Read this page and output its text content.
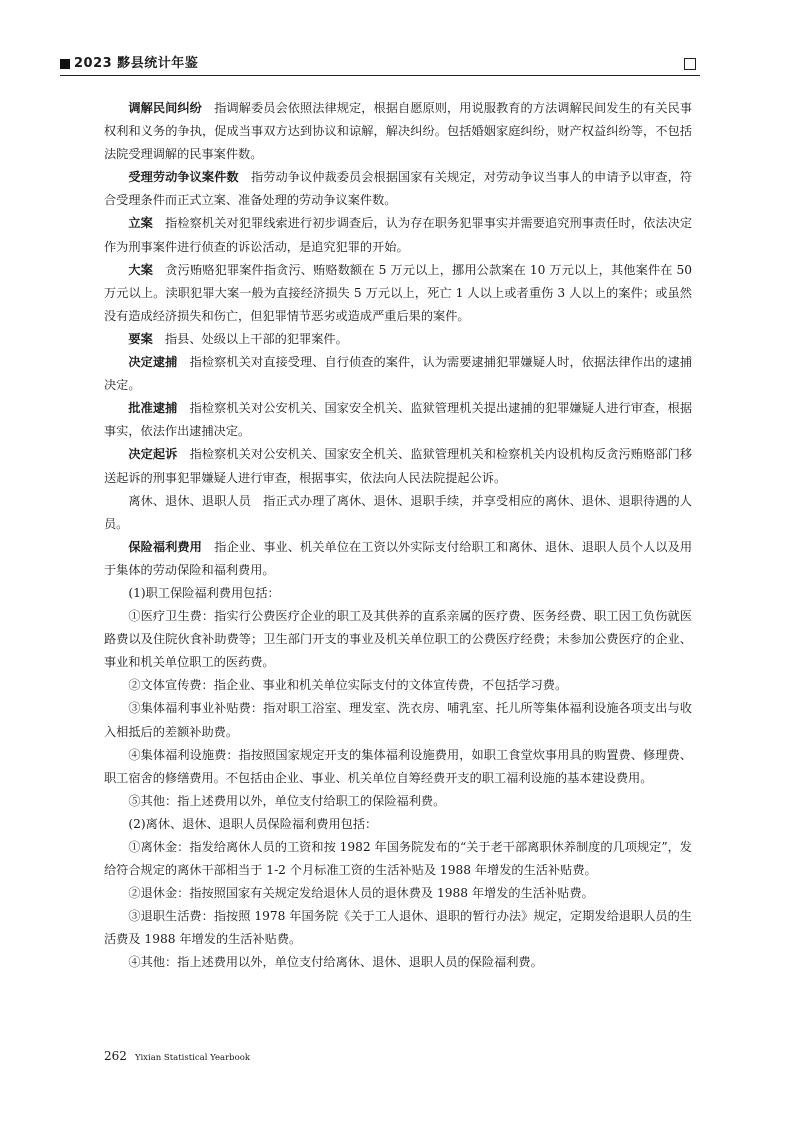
2023 黟县统计年鉴

调解民间纠纷　 指调解委员会依照法律规定，根据自愿原则，用说服教育的方法调解民间发生的有关民事权利和义务的争执，促成当事双方达到协议和谅解，解决纠纷。包括婚姻家庭纠纷，财产权益纠纷等，不包括法院受理调解的民事案件数。

受理劳动争议案件数　 指劳动争议仲裁委员会根据国家有关规定，对劳动争议当事人的申请予以审查，符合受理条件而正式立案、准备处理的劳动争议案件数。

立案　 指检察机关对犯罪线索进行初步调查后，认为存在职务犯罪事实并需要追究刑事责任时，依法决定作为刑事案件进行侦查的诉讼活动，是追究犯罪的开始。

大案　 贪污贿赂犯罪案件指贪污、贿赂数额在 5 万元以上，挪用公款案在 10 万元以上，其他案件在 50 万元以上。渎职犯罪大案一般为直接经济损失 5 万元以上，死亡 1 人以上或者重伤 3 人以上的案件；或虽然没有造成经济损失和伤亡，但犯罪情节恶劣或造成严重后果的案件。

要案　 指县、处级以上干部的犯罪案件。

决定逮捕　 指检察机关对直接受理、自行侦查的案件，认为需要逮捕犯罪嫌疑人时，依据法律作出的逮捕决定。

批准逮捕　 指检察机关对公安机关、国家安全机关、监狱管理机关提出逮捕的犯罪嫌疑人进行审查，根据事实，依法作出逮捕决定。

决定起诉　 指检察机关对公安机关、国家安全机关、监狱管理机关和检察机关内设机构反贪污贿赂部门移送起诉的刑事犯罪嫌疑人进行审查，根据事实，依法向人民法院提起公诉。

离休、退休、退职人员　指正式办理了离休、退休、退职手续，并享受相应的离休、退休、退职待遇的人员。

保险福利费用　 指企业、事业、机关单位在工资以外实际支付给职工和离休、退休、退职人员个人以及用于集体的劳动保险和福利费用。

(1)职工保险福利费用包括：

①医疗卫生费：指实行公费医疗企业的职工及其供养的直系亲属的医疗费、医务经费、职工因工负伤就医路费以及住院伙食补助费等；卫生部门开支的事业及机关单位职工的公费医疗经费；未参加公费医疗的企业、事业和机关单位职工的医药费。

②文体宣传费：指企业、事业和机关单位实际支付的文体宣传费，不包括学习费。

③集体福利事业补贴费：指对职工浴室、理发室、洗衣房、哺乳室、托儿所等集体福利设施各项支出与收入相抵后的差额补助费。

④集体福利设施费：指按照国家规定开支的集体福利设施费用，如职工食堂炊事用具的购置费、修理费、职工宿舍的修缮费用。不包括由企业、事业、机关单位自筹经费开支的职工福利设施的基本建设费用。

⑤其他：指上述费用以外，单位支付给职工的保险福利费。

(2)离休、退休、退职人员保险福利费用包括：

①离休金：指发给离休人员的工资和按 1982 年国务院发布的“关于老干部离职休养制度的几项规定”，发给符合规定的离休干部相当于 1-2 个月标准工资的生活补贴及 1988 年增发的生活补贴费。

②退休金：指按照国家有关规定发给退休人员的退休费及 1988 年增发的生活补贴费。

③退职生活费：指按照 1978 年国务院《关于工人退休、退职的暂行办法》规定，定期发给退职人员的生活费及 1988 年增发的生活补贴费。

④其他：指上述费用以外，单位支付给离休、退休、退职人员的保险福利费。

262 Yixian Statistical Yearbook
